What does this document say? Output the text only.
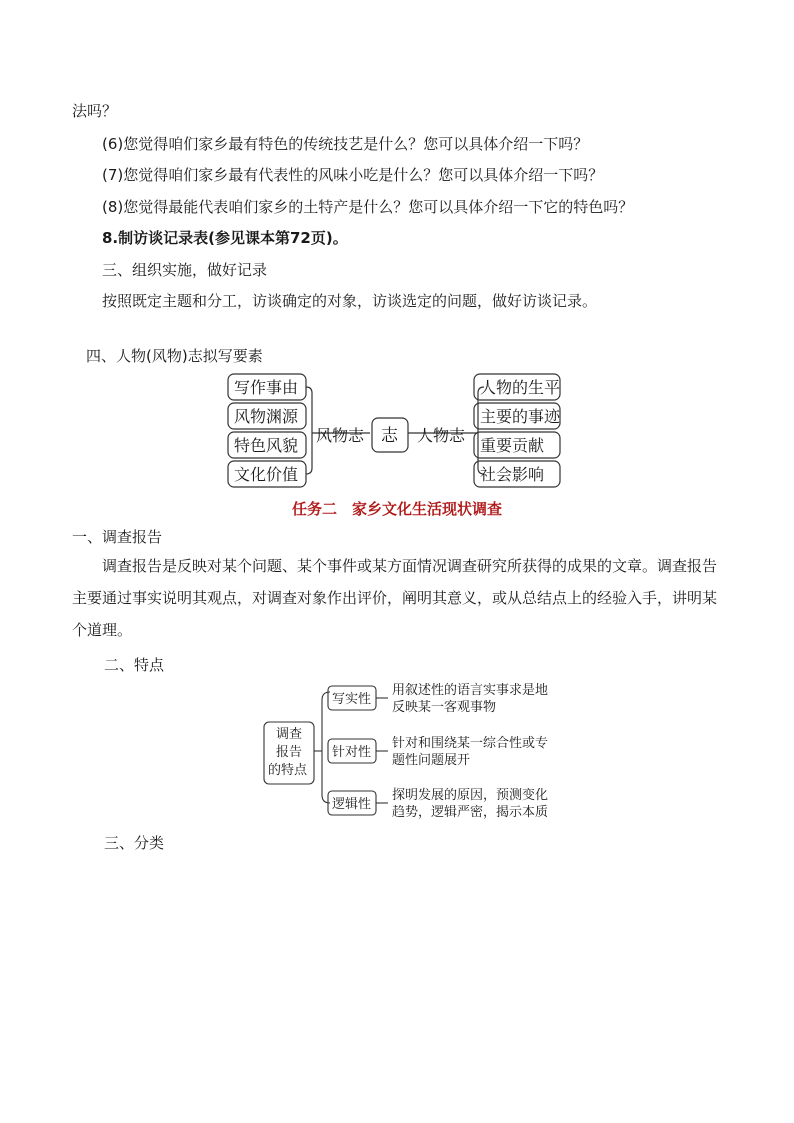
法吗？
(6)您觉得咱们家乡最有特色的传统技艺是什么？您可以具体介绍一下吗？
(7)您觉得咱们家乡最有代表性的风味小吃是什么？您可以具体介绍一下吗？
(8)您觉得最能代表咱们家乡的土特产是什么？您可以具体介绍一下它的特色吗？
8.制访谈记录表(参见课本第72页)。
三、组织实施，做好记录
按照既定主题和分工，访谈确定的对象，访谈选定的问题，做好访谈记录。
四、人物(风物)志拟写要素
写作事由
风物渊源
特色风貌
文化价值
风物志 志 人物志
人物的生平
主要的事迹
重要贡献
社会影响
任务二　家乡文化生活现状调查
一、调查报告
调查报告是反映对某个问题、某个事件或某方面情况调查研究所获得的成果的文章。调查报告主要通过事实说明其观点，对调查对象作出评价，阐明其意义，或从总结点上的经验入手，讲明某个道理。
二、特点
调查
报告
的特点
写实性
针对性
逻辑性
用叙述性的语言实事求是地
反映某一客观事物
针对和围绕某一综合性或专
题性问题展开
探明发展的原因，预测变化
趋势，逻辑严密，揭示本质
三、分类
